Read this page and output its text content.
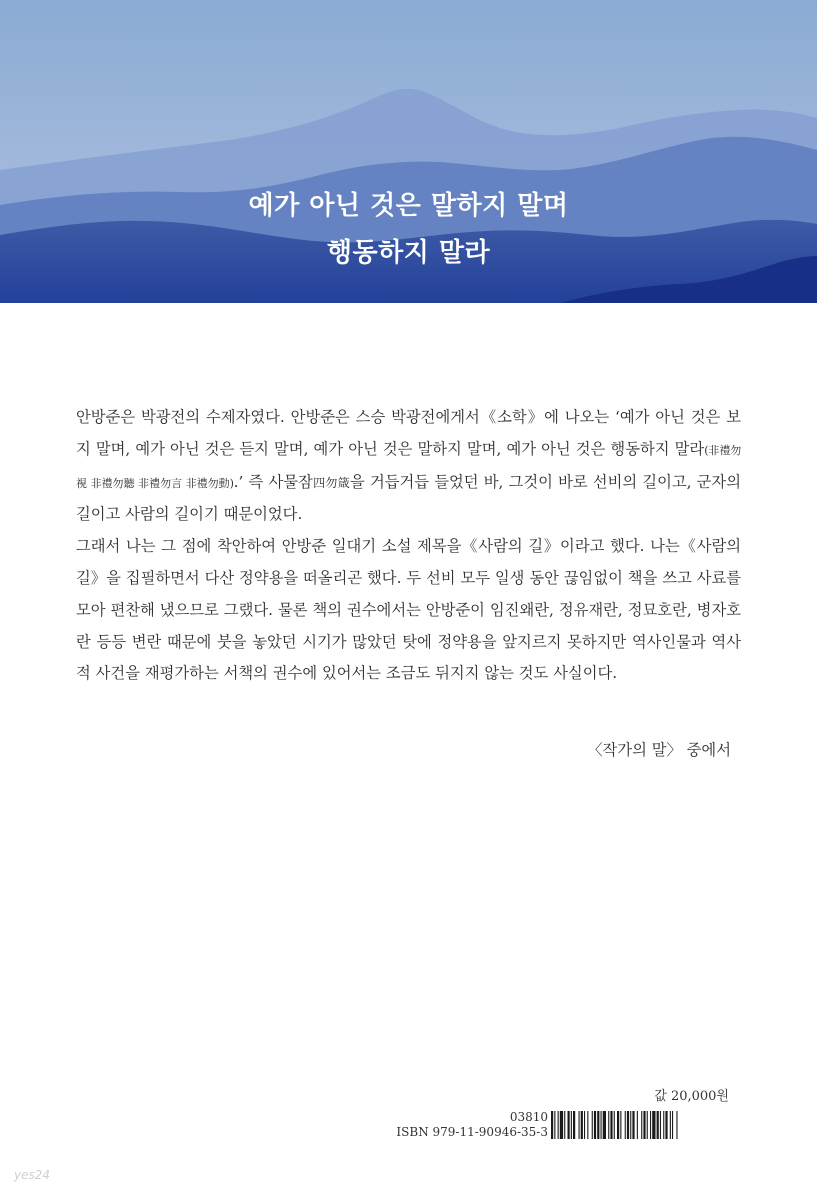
예가 아닌 것은 말하지 말며
행동하지 말라

안방준은 박광전의 수제자였다. 안방준은 스승 박광전에게서《소학》에 나오는 ‘예가 아닌 것은 보지 말며, 예가 아닌 것은 듣지 말며, 예가 아닌 것은 말하지 말며, 예가 아닌 것은 행동하지 말라(非禮勿視 非禮勿聽 非禮勿言 非禮勿動).’ 즉 사물잠四勿箴을 거듭거듭 들었던 바, 그것이 바로 선비의 길이고, 군자의 길이고 사람의 길이기 때문이었다.

그래서 나는 그 점에 착안하여 안방준 일대기 소설 제목을《사람의 길》이라고 했다. 나는《사람의 길》을 집필하면서 다산 정약용을 떠올리곤 했다. 두 선비 모두 일생 동안 끊임없이 책을 쓰고 사료를 모아 편찬해 냈으므로 그랬다. 물론 책의 권수에서는 안방준이 임진왜란, 정유재란, 정묘호란, 병자호란 등등 변란 때문에 붓을 놓았던 시기가 많았던 탓에 정약용을 앞지르지 못하지만 역사인물과 역사적 사건을 재평가하는 서책의 권수에 있어서는 조금도 뒤지지 않는 것도 사실이다.

〈작가의 말〉 중에서
값 20,000원
03810
ISBN 979-11-90946-35-3
yes24
